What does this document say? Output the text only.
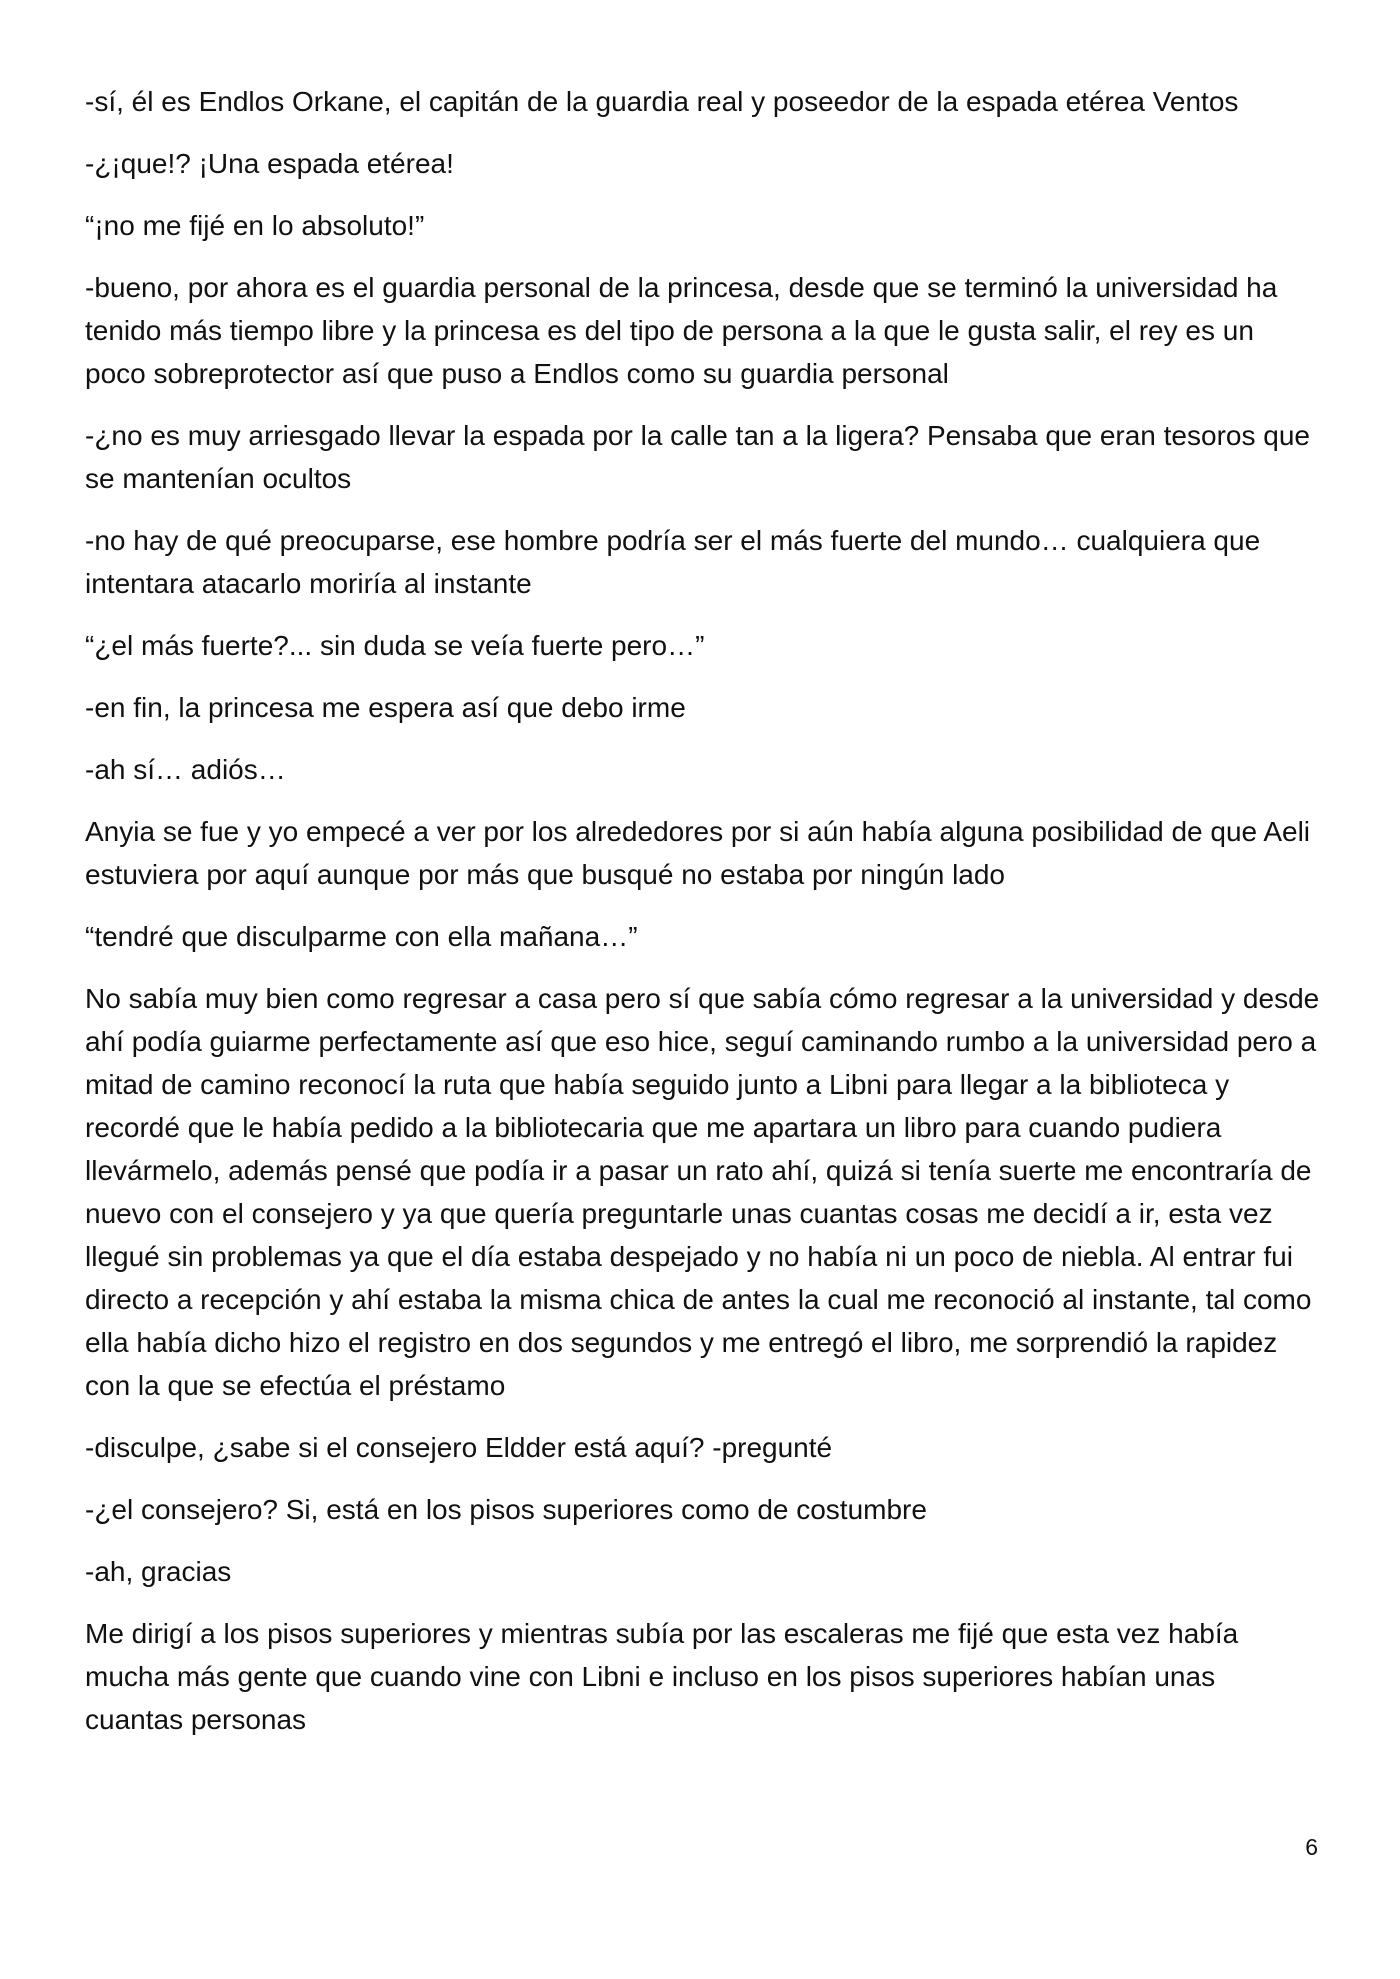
-sí, él es Endlos Orkane, el capitán de la guardia real y poseedor de la espada etérea Ventos

-¿¡que!? ¡Una espada etérea!

“¡no me fijé en lo absoluto!”

-bueno, por ahora es el guardia personal de la princesa, desde que se terminó la universidad ha tenido más tiempo libre y la princesa es del tipo de persona a la que le gusta salir, el rey es un poco sobreprotector así que puso a Endlos como su guardia personal

-¿no es muy arriesgado llevar la espada por la calle tan a la ligera? Pensaba que eran tesoros que se mantenían ocultos

-no hay de qué preocuparse, ese hombre podría ser el más fuerte del mundo… cualquiera que intentara atacarlo moriría al instante

“¿el más fuerte?... sin duda se veía fuerte pero…”

-en fin, la princesa me espera así que debo irme

-ah sí… adiós…

Anyia se fue y yo empecé a ver por los alrededores por si aún había alguna posibilidad de que Aeli estuviera por aquí aunque por más que busqué no estaba por ningún lado

“tendré que disculparme con ella mañana…”

No sabía muy bien como regresar a casa pero sí que sabía cómo regresar a la universidad y desde ahí podía guiarme perfectamente así que eso hice, seguí caminando rumbo a la universidad pero a mitad de camino reconocí la ruta que había seguido junto a Libni para llegar a la biblioteca y recordé que le había pedido a la bibliotecaria que me apartara un libro para cuando pudiera llevármelo, además pensé que podía ir a pasar un rato ahí, quizá si tenía suerte me encontraría de nuevo con el consejero y ya que quería preguntarle unas cuantas cosas me decidí a ir, esta vez llegué sin problemas ya que el día estaba despejado y no había ni un poco de niebla. Al entrar fui directo a recepción y ahí estaba la misma chica de antes la cual me reconoció al instante, tal como ella había dicho hizo el registro en dos segundos y me entregó el libro, me sorprendió la rapidez con la que se efectúa el préstamo

-disculpe, ¿sabe si el consejero Eldder está aquí? -pregunté

-¿el consejero? Si, está en los pisos superiores como de costumbre

-ah, gracias

Me dirigí a los pisos superiores y mientras subía por las escaleras me fijé que esta vez había mucha más gente que cuando vine con Libni e incluso en los pisos superiores habían unas cuantas personas

6
